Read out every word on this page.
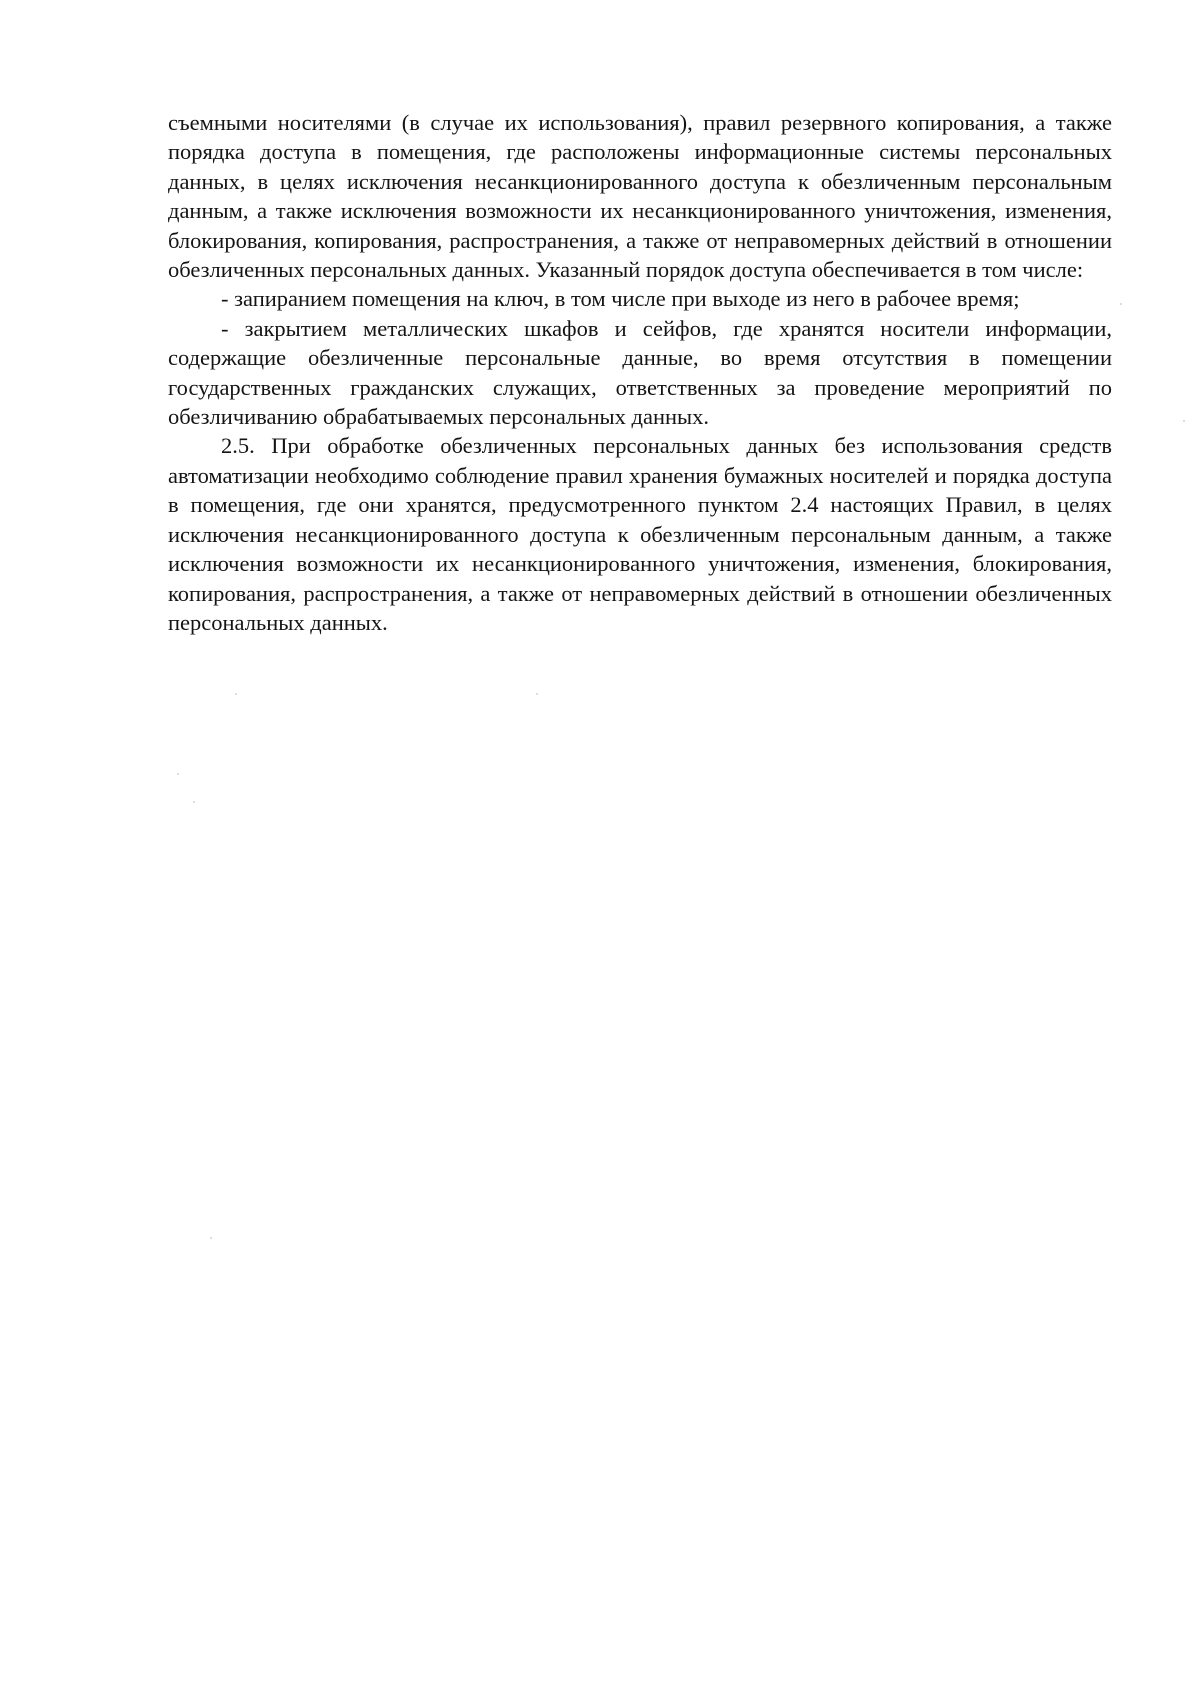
съемными носителями (в случае их использования), правил резервного копирования, а также порядка доступа в помещения, где расположены информационные системы персональных данных, в целях исключения несанкционированного доступа к обезличенным персональным данным, а также исключения возможности их несанкционированного уничтожения, изменения, блокирования, копирования, распространения, а также от неправомерных действий в отношении обезличенных персональных данных. Указанный порядок доступа обеспечивается в том числе:

- запиранием помещения на ключ, в том числе при выходе из него в рабочее время;

- закрытием металлических шкафов и сейфов, где хранятся носители информации, содержащие обезличенные персональные данные, во время отсутствия в помещении государственных гражданских служащих, ответственных за проведение мероприятий по обезличиванию обрабатываемых персональных данных.

2.5. При обработке обезличенных персональных данных без использования средств автоматизации необходимо соблюдение правил хранения бумажных носителей и порядка доступа в помещения, где они хранятся, предусмотренного пунктом 2.4 настоящих Правил, в целях исключения несанкционированного доступа к обезличенным персональным данным, а также исключения возможности их несанкционированного уничтожения, изменения, блокирования, копирования, распространения, а также от неправомерных действий в отношении обезличенных персональных данных.
